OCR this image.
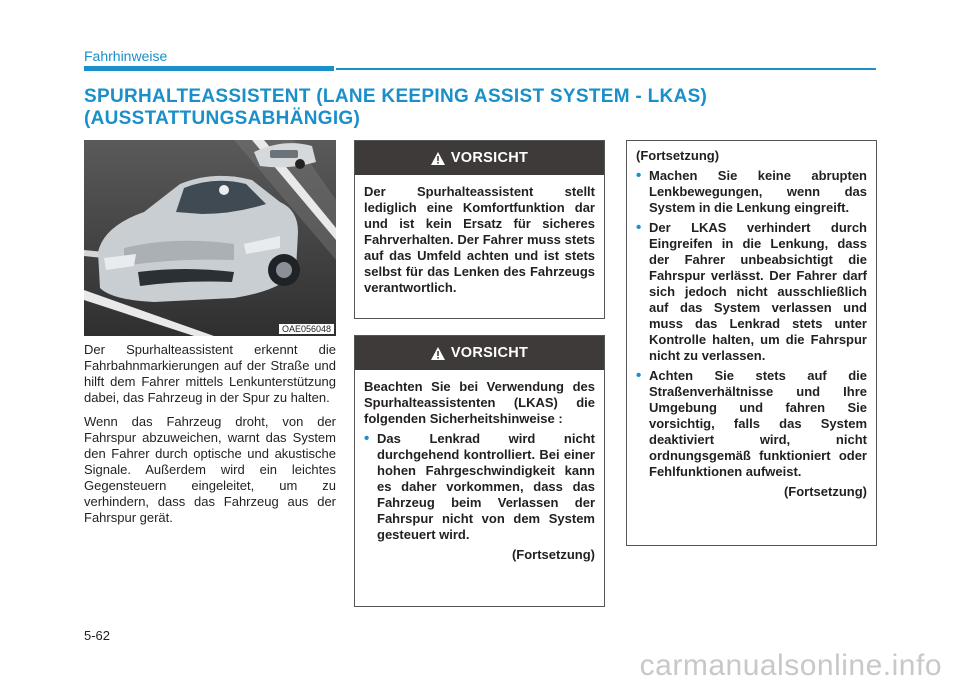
Fahrhinweise
SPURHALTEASSISTENT (LANE KEEPING ASSIST SYSTEM - LKAS)
(AUSSTATTUNGSABHÄNGIG)
OAE056048

Der Spurhalteassistent erkennt die Fahrbahnmarkierungen auf der Straße und hilft dem Fahrer mittels Lenkunterstützung dabei, das Fahrzeug in der Spur zu halten.

Wenn das Fahrzeug droht, von der Fahrspur abzuweichen, warnt das System den Fahrer durch optische und akustische Signale. Außerdem wird ein leichtes Gegensteuern eingeleitet, um zu verhindern, dass das Fahrzeug aus der Fahrspur gerät.

VORSICHT

Der Spurhalteassistent stellt lediglich eine Komfortfunktion dar und ist kein Ersatz für sicheres Fahrverhalten. Der Fahrer muss stets auf das Umfeld achten und ist stets selbst für das Lenken des Fahrzeugs verantwortlich.

VORSICHT

Beachten Sie bei Verwendung des Spurhalteassistenten (LKAS) die folgenden Sicherheitshinweise :

• Das Lenkrad wird nicht durchgehend kontrolliert. Bei einer hohen Fahrgeschwindigkeit kann es daher vorkommen, dass das Fahrzeug beim Verlassen der Fahrspur nicht von dem System gesteuert wird.
(Fortsetzung)

(Fortsetzung)

• Machen Sie keine abrupten Lenkbewegungen, wenn das System in die Lenkung eingreift.
• Der LKAS verhindert durch Eingreifen in die Lenkung, dass der Fahrer unbeabsichtigt die Fahrspur verlässt. Der Fahrer darf sich jedoch nicht ausschließlich auf das System verlassen und muss das Lenkrad stets unter Kontrolle halten, um die Fahrspur nicht zu verlassen.
• Achten Sie stets auf die Straßenverhältnisse und Ihre Umgebung und fahren Sie vorsichtig, falls das System deaktiviert wird, nicht ordnungsgemäß funktioniert oder Fehlfunktionen aufweist.
(Fortsetzung)
5-62
carmanualsonline.info
